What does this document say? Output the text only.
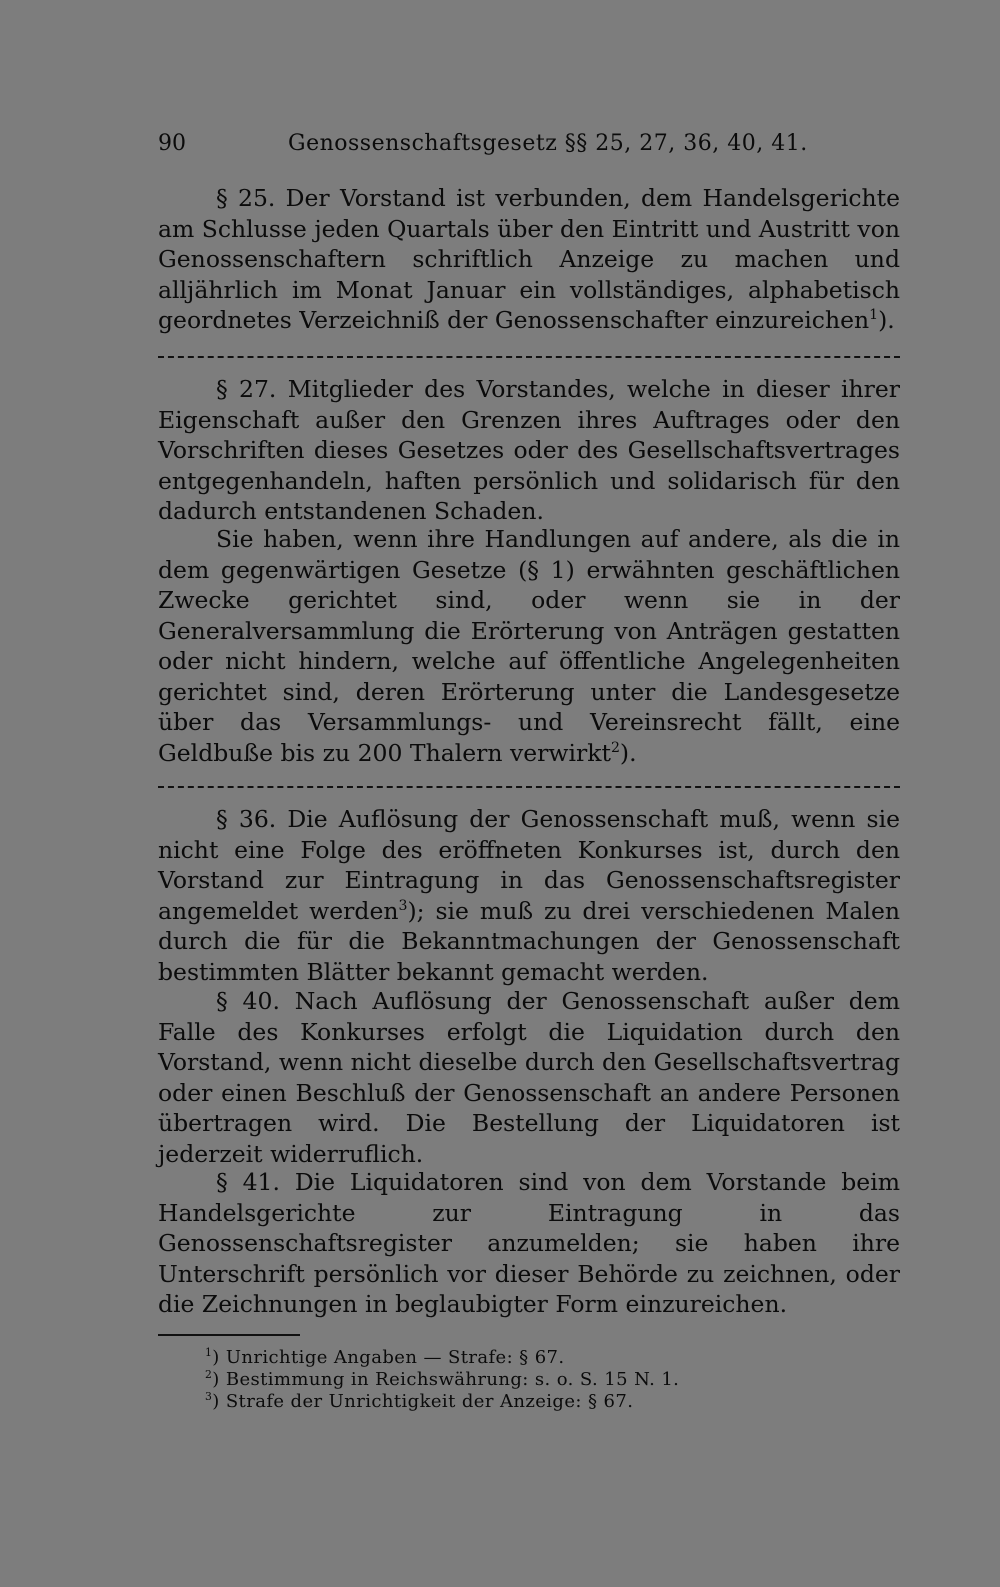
90	Genossenschaftsgesetz §§ 25, 27, 36, 40, 41.
§ 25. Der Vorstand ist verbunden, dem Handelsgerichte am Schlusse jeden Quartals über den Eintritt und Austritt von Genossenschaftern schriftlich Anzeige zu machen und alljährlich im Monat Januar ein vollständiges, alphabetisch geordnetes Verzeichniß der Genossenschafter einzureichen$^1$).
§ 27. Mitglieder des Vorstandes, welche in dieser ihrer Eigenschaft außer den Grenzen ihres Auftrages oder den Vorschriften dieses Gesetzes oder des Gesellschaftsvertrages entgegenhandeln, haften persönlich und solidarisch für den dadurch entstandenen Schaden.
Sie haben, wenn ihre Handlungen auf andere, als die in dem gegenwärtigen Gesetze (§ 1) erwähnten geschäftlichen Zwecke gerichtet sind, oder wenn sie in der Generalversammlung die Erörterung von Anträgen gestatten oder nicht hindern, welche auf öffentliche Angelegenheiten gerichtet sind, deren Erörterung unter die Landesgesetze über das Versammlungs- und Vereinsrecht fällt, eine Geldbuße bis zu 200 Thalern verwirkt$^2$).
§ 36. Die Auflösung der Genossenschaft muß, wenn sie nicht eine Folge des eröffneten Konkurses ist, durch den Vorstand zur Eintragung in das Genossenschaftsregister angemeldet werden$^3$); sie muß zu drei verschiedenen Malen durch die für die Bekanntmachungen der Genossenschaft bestimmten Blätter bekannt gemacht werden.
§ 40. Nach Auflösung der Genossenschaft außer dem Falle des Konkurses erfolgt die Liquidation durch den Vorstand, wenn nicht dieselbe durch den Gesellschaftsvertrag oder einen Beschluß der Genossenschaft an andere Personen übertragen wird. Die Bestellung der Liquidatoren ist jederzeit widerruflich.
§ 41. Die Liquidatoren sind von dem Vorstande beim Handelsgerichte zur Eintragung in das Genossenschaftsregister anzumelden; sie haben ihre Unterschrift persönlich vor dieser Behörde zu zeichnen, oder die Zeichnungen in beglaubigter Form einzureichen.
$^1$) Unrichtige Angaben — Strafe: § 67.
$^2$) Bestimmung in Reichswährung: s. o. S. 15 N. 1.
$^3$) Strafe der Unrichtigkeit der Anzeige: § 67.
